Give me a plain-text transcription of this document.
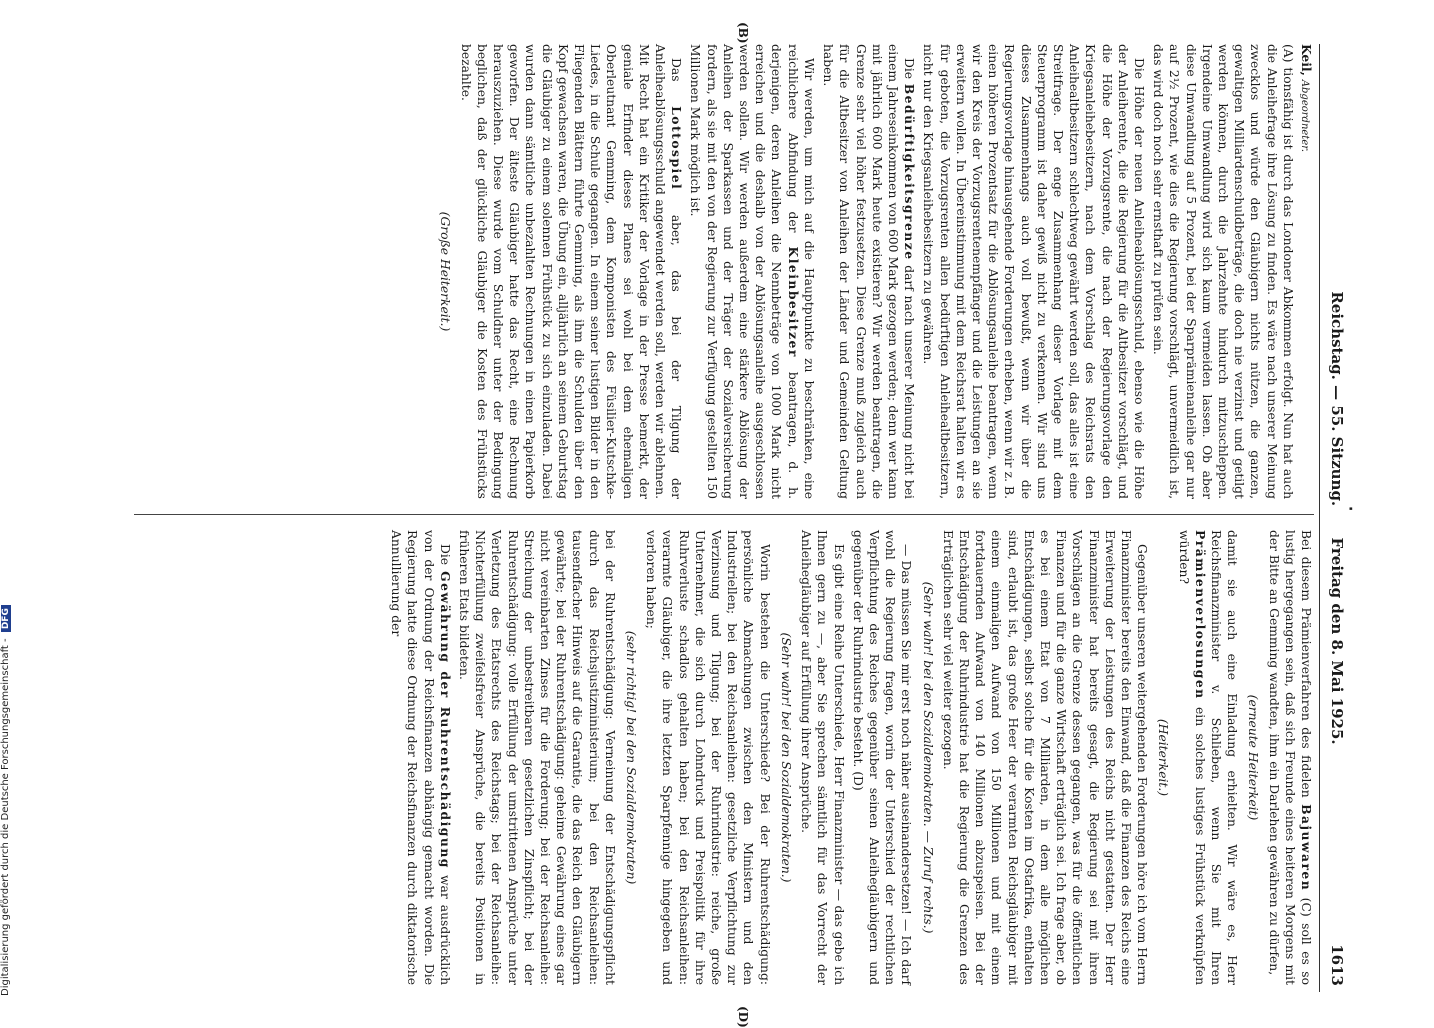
Digitalisierung gefördert durch die Deutsche Forschungsgemeinschaft - DFG
1613
Reichstag. — 55. Sitzung.      Freitag den 8. Mai 1925.
·

Keil, Abgeordneter.
(A) tionsfähig ist durch das Londoner Abkommen erfolgt. Nun hat auch die Anleihefrage ihre Lösung zu finden. Es wäre nach unserer Meinung zwecklos und würde den Gläubigern nichts nützen, die ganzen, gewaltigen Milliardenschuldbeträge, die doch nie verzinst und getilgt werden können, durch die Jahrzehnte hindurch mitzuschleppen. Irgendeine Umwandlung wird sich kaum vermeiden lassen. Ob aber diese Umwandlung auf 5 Prozent, bei der Sparprämienanleihe gar nur auf 2½ Prozent, wie dies die Regierung vorschlägt, unvermeidlich ist, das wird doch noch sehr ernsthaft zu prüfen sein.

Die Höhe der neuen Anleiheablösungsschuld, ebenso wie die Höhe der Anleiherente, die die Regierung für die Altbesitzer vorschlägt, und die Höhe der Vorzugsrente, die nach der Regierungsvorlage den Kriegsanleihebesitzern, nach dem Vorschlag des Reichsrats den Anleihealtbesitzern schlechtweg gewährt werden soll, das alles ist eine Streitfrage. Der enge Zusammenhang dieser Vorlage mit dem Steuerprogramm ist daher gewiß nicht zu verkennen. Wir sind uns dieses Zusammenhangs auch voll bewußt, wenn wir über die Regierungsvorlage hinausgehende Forderungen erheben, wenn wir z. B. einen höheren Prozentsatz für die Ablösungsanleihe beantragen, wenn wir den Kreis der Vorzugsrentenempfänger und die Leistungen an sie erweitern wollen. In Übereinstimmung mit dem Reichsrat halten wir es für geboten, die Vorzugsrenten allen bedürftigen Anleihealtbesitzern, nicht nur den Kriegsanleihebesitzern zu gewähren.

Die Bedürftigkeitsgrenze darf nach unserer Meinung nicht bei einem Jahreseinkommen von 600 Mark gezogen werden; denn wer kann mit jährlich 600 Mark heute existieren? Wir werden beantragen, die Grenze sehr viel höher festzusetzen. Diese Grenze muß zugleich auch für die Altbesitzer von Anleihen der Länder und Gemeinden Geltung haben.

Wir werden, um mich auf die Hauptpunkte zu beschränken, eine reichlichere Abfindung der Kleinbesitzer beantragen, d. h. derjenigen, deren Anleihen die Nennbeträge von 1000 Mark nicht erreichen und die deshalb von der Ablösungsanleihe ausgeschlossen werden sollen. Wir werden außerdem eine stärkere Ablösung der Anleihen der Sparkassen und der Träger der Sozialversicherung fordern, als sie mit den von der Regierung zur Verfügung gestellten 150 Millionen Mark möglich ist.

Das Lottospiel aber, das bei der Tilgung der Anleiheablösungsschuld angewendet werden soll, werden wir ablehnen. Mit Recht hat ein Kritiker der Vorlage in der Presse bemerkt, der geniale Erfinder dieses Planes sei wohl bei dem ehemaligen Oberleutnant Gemming, dem Komponisten des Füsilier-Kutschke-Liedes, in die Schule gegangen. In einem seiner lustigen Bilder in den Fliegenden Blättern führte Gemming, als ihm die Schulden über den Kopf gewachsen waren, die Übung ein, alljährlich an seinem Geburtstag die Gläubiger zu einem solennen Frühstück zu sich einzuladen. Dabei wurden dann sämtliche unbezahlten Rechnungen in einen Papierkorb geworfen. Der älteste Gläubiger hatte das Recht, eine Rechnung herauszuziehen. Diese wurde vom Schuldner unter der Bedingung beglichen, daß der glückliche Gläubiger die Kosten des Frühstücks bezahlte.

(Große Heiterkeit.)

Bei diesem Prämienverfahren des fidelen Bajuwaren (C) soll es so lustig hergegangen sein, daß sich Freunde eines heiteren Morgens mit der Bitte an Gemming wandten, ihm ein Darlehen gewähren zu dürfen,

(erneute Heiterkeit)

damit sie auch eine Einladung erhielten. Wir wäre es, Herr Reichsfinanzminister v. Schlieben, wenn Sie mit Ihren Prämienverlosungen ein solches lustiges Frühstück verknüpfen würden?

(Heiterkeit.)

Gegenüber unseren weitergehenden Forderungen höre ich vom Herrn Finanzminister bereits den Einwand, daß die Finanzen des Reichs eine Erweiterung der Leistungen des Reichs nicht gestatten. Der Herr Finanzminister hat bereits gesagt, die Regierung sei mit ihren Vorschlägen an die Grenze dessen gegangen, was für die öffentlichen Finanzen und für die ganze Wirtschaft erträglich sei. Ich frage aber, ob es bei einem Etat von 7 Milliarden, in dem alle möglichen Entschädigungen, selbst solche für die Kosten im Ostafrika, enthalten sind, erlaubt ist, das große Heer der verarmten Reichsgläubiger mit einem einmaligen Aufwand von 150 Millionen und mit einem fortdauernden Aufwand von 140 Millionen abzuspeisen. Bei der Entschädigung der Ruhrindustrie hat die Regierung die Grenzen des Erträglichen sehr viel weiter gezogen.

(Sehr wahr! bei den Sozialdemokraten. — Zuruf rechts.)

— Das müssen Sie mir erst noch näher auseinandersetzen! — Ich darf wohl die Regierung fragen, worin der Unterschied der rechtlichen Verpflichtung des Reiches gegenüber seinen Anleihegläubigern und gegenüber der Ruhrindustrie besteht. (D)

Es gibt eine Reihe Unterschiede, Herr Finanzminister — das gebe ich Ihnen gern zu —, aber Sie sprechen sämtlich für das Vorrecht der Anleihegläubiger auf Erfüllung ihrer Ansprüche.

(Sehr wahr! bei den Sozialdemokraten.)

Worin bestehen die Unterschiede? Bei der Ruhrentschädigung: persönliche Abmachungen zwischen den Ministern und den Industriellen; bei den Reichsanleihen: gesetzliche Verpflichtung zur Verzinsung und Tilgung; bei der Ruhrindustrie: reiche, große Unternehmer, die sich durch Lohndruck und Preispolitik für ihre Ruhrverluste schadlos gehalten haben; bei den Reichsanleihen: verarmte Gläubiger, die ihre letzten Sparpfennige hingegeben und verloren haben;

(sehr richtig! bei den Sozialdemokraten)

bei der Ruhrentschädigung: Verneinung der Entschädigungspflicht durch das Reichsjustizministerium; bei den Reichsanleihen: tausendfacher Hinweis auf die Garantie, die das Reich den Gläubigern gewährte; bei der Ruhrentschädigung: geheime Gewährung eines gar nicht vereinbarten Zinses für die Forderung; bei der Reichsanleihe: Streichung der unbestreitbaren gesetzlichen Zinspflicht; bei der Ruhrentschädigung: volle Erfüllung der umstrittenen Ansprüche unter Verletzung des Etatsrechts des Reichstags; bei der Reichsanleihe: Nichterfüllung zweifelsfreier Ansprüche, die bereits Positionen in früheren Etats bildeten.

Die Gewährung der Ruhrentschädigung war ausdrücklich von der Ordnung der Reichsfinanzen abhängig gemacht worden. Die Regierung hatte diese Ordnung der Reichsfinanzen durch diktatorische Annullierung der

(B)
(D)
